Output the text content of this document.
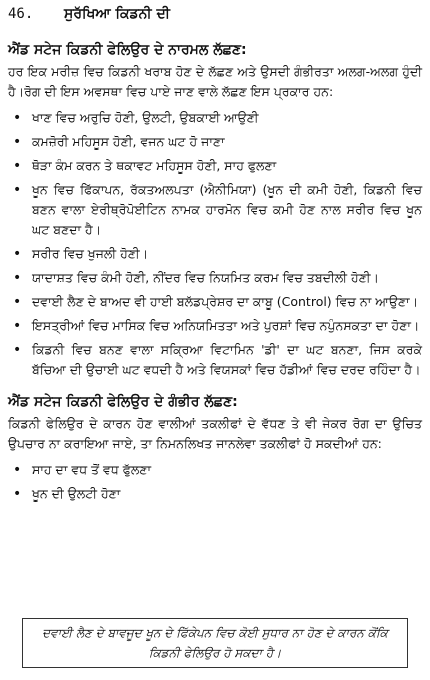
46.	ਸੁਰੱਖਿਆ ਕਿਡਨੀ ਦੀ
ਐਂਡ ਸਟੇਜ ਕਿਡਨੀ ਫੇਲਿਉਰ ਦੇ ਨਾਰਮਲ ਲੱਛਣ:

ਹਰ ਇਕ ਮਰੀਜ਼ ਵਿਚ ਕਿਡਨੀ ਖਰਾਬ ਹੋਣ ਦੇ ਲੱਛਣ ਅਤੇ ਉਸਦੀ ਗੰਭੀਰਤਾ ਅਲਗ-ਅਲਗ ਹੁੰਦੀ ਹੈ।ਰੋਗ ਦੀ ਇਸ ਅਵਸਥਾ ਵਿਚ ਪਾਏ ਜਾਣ ਵਾਲੇ ਲੱਛਣ ਇਸ ਪ੍ਰਕਾਰ ਹਨ:

• ਖਾਣ ਵਿਚ ਅਰੁਚਿ ਹੋਣੀ, ਉਲਟੀ, ਉਬਕਾਈ ਆਉਣੀ
• ਕਮਜ਼ੋਰੀ ਮਹਿਸੂਸ ਹੋਣੀ, ਵਜਨ ਘਟ ਹੋ ਜਾਣਾ
• ਥੋੜਾ ਕੰਮ ਕਰਨ ਤੇ ਥਕਾਵਟ ਮਹਿਸੂਸ ਹੋਣੀ, ਸਾਹ ਫੁਲਣਾ
• ਖੂਨ ਵਿਚ ਫਿੱਕਾਪਨ, ਰੱਕਤਅਲਪਤਾ (ਐਨੀਮਿਯਾ) (ਖੂਨ ਦੀ ਕਮੀ ਹੋਣੀ, ਕਿਡਨੀ ਵਿਚ ਬਣਨ ਵਾਲਾ ਏਰੀਥ੍ਰੋਪੋਈਟਿਨ ਨਾਮਕ ਹਾਰਮੋਨ ਵਿਚ ਕਮੀ ਹੋਣ ਨਾਲ ਸਰੀਰ ਵਿਚ ਖੂਨ ਘਟ ਬਣਦਾ ਹੈ।
• ਸਰੀਰ ਵਿਚ ਖੁਜਲੀ ਹੋਣੀ।
• ਯਾਦਾਸ਼ਤ ਵਿਚ ਕੰਮੀ ਹੋਣੀ, ਨੀਂਦਰ ਵਿਚ ਨਿਯਮਿਤ ਕਰਮ ਵਿਚ ਤਬਦੀਲੀ ਹੋਣੀ।
• ਦਵਾਈ ਲੈਣ ਦੇ ਬਾਅਦ ਵੀ ਹਾਈ ਬਲੱਡਪ੍ਰੇਸ਼ਰ ਦਾ ਕਾਬੂ (Control) ਵਿਚ ਨਾ ਆਉਣਾ।
• ਇਸਤ੍ਰੀਆਂ ਵਿਚ ਮਾਸਿਕ ਵਿਚ ਅਨਿਯਮਿਤਤਾ ਅਤੇ ਪੁਰਸ਼ਾਂ ਵਿਚ ਨਪੁੰਨਸਕਤਾ ਦਾ ਹੋਣਾ।
• ਕਿਡਨੀ ਵਿਚ ਬਨਣ ਵਾਲਾ ਸਕ੍ਰਿਆ ਵਿਟਾਮਿਨ 'ਡੀ' ਦਾ ਘਟ ਬਨਣਾ, ਜਿਸ ਕਰਕੇ ਬੱਚਿਆ ਦੀ ਉਚਾਈ ਘਟ ਵਧਦੀ ਹੈ ਅਤੇ ਵਿਯਸਕਾਂ ਵਿਚ ਹੱਡੀਆਂ ਵਿਚ ਦਰਦ ਰਹਿੰਦਾ ਹੈ।
ਐਂਡ ਸਟੇਜ ਕਿਡਨੀ ਫੇਲਿਉਰ ਦੇ ਗੰਭੀਰ ਲੱਛਣ:

ਕਿਡਨੀ ਫੇਲਿਉਰ ਦੇ ਕਾਰਨ ਹੋਣ ਵਾਲੀਆਂ ਤਕਲੀਫਾਂ ਦੇ ਵੱਧਣ ਤੇ ਵੀ ਜੇਕਰ ਰੋਗ ਦਾ ਉਚਿਤ ਉਪਚਾਰ ਨਾ ਕਰਾਇਆ ਜਾਏ, ਤਾ ਨਿਮਨਲਿਖਤ ਜਾਨਲੇਵਾ ਤਕਲੀਫਾਂ ਹੋ ਸਕਦੀਆਂ ਹਨ:

• ਸਾਹ ਦਾ ਵਧ ਤੋਂ ਵਧ ਫੁੱਲਣਾ
• ਖੂਨ ਦੀ ਉਲਟੀ ਹੋਣਾ
ਦਵਾਈ ਲੈਣ ਦੇ ਬਾਵਜੂਦ ਖੂਨ ਦੇ ਫਿੱਕੇਪਨ ਵਿਚ ਕੋਈ ਸੁਧਾਰ ਨਾ ਹੋਣ ਦੇ ਕਾਰਨ ਕੋਂਕਿ ਕਿਡਨੀ ਫੇਲਿਉਰ ਹੋ ਸਕਦਾ ਹੈ।
